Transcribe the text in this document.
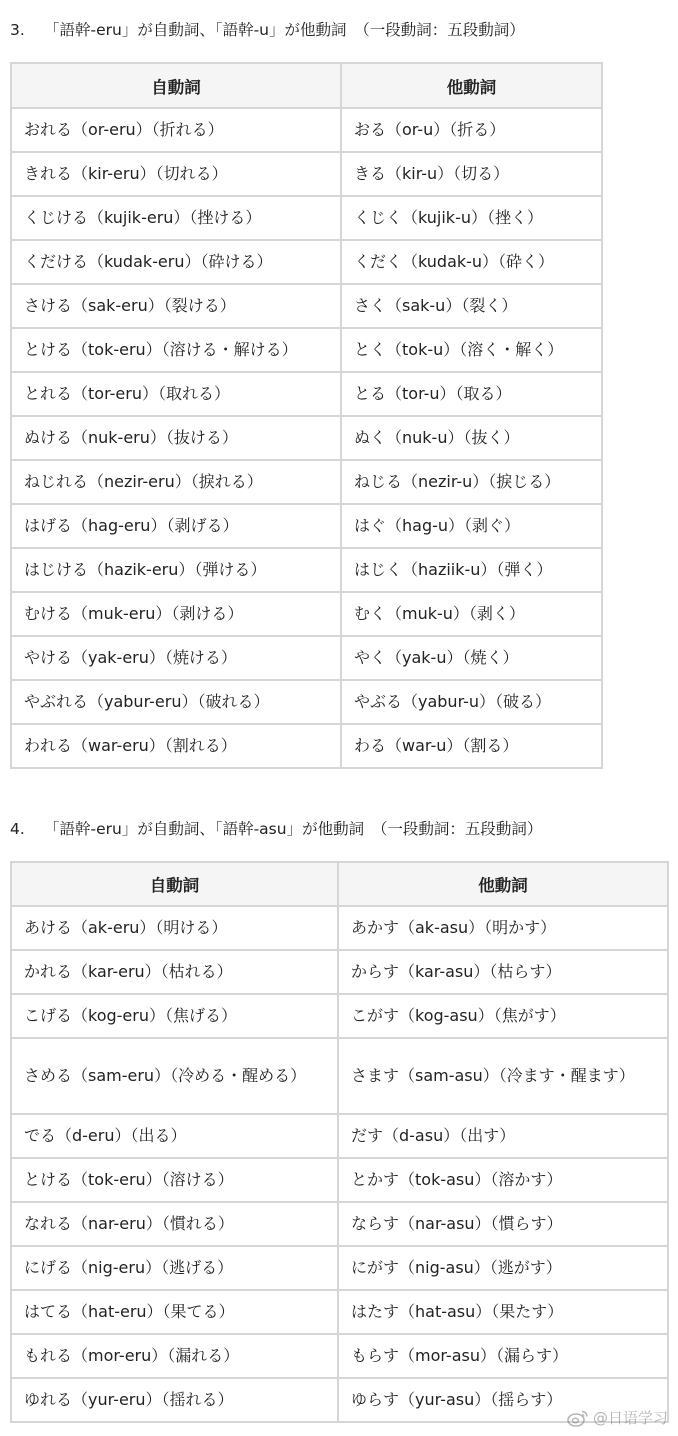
3. 「語幹-eru」が自動詞、「語幹-u」が他動詞　（一段動詞：五段動詞）
自動詞	他動詞
おれる（or-eru）（折れる）	おる（or-u）（折る）
きれる（kir-eru）（切れる）	きる（kir-u）（切る）
くじける（kujik-eru）（挫ける）	くじく（kujik-u）（挫く）
くだける（kudak-eru）（砕ける）	くだく（kudak-u）（砕く）
さける（sak-eru）（裂ける）	さく（sak-u）（裂く）
とける（tok-eru）（溶ける・解ける）	とく（tok-u）（溶く・解く）
とれる（tor-eru）（取れる）	とる（tor-u）（取る）
ぬける（nuk-eru）（抜ける）	ぬく（nuk-u）（抜く）
ねじれる（nezir-eru）（捩れる）	ねじる（nezir-u）（捩じる）
はげる（hag-eru）（剥げる）	はぐ（hag-u）（剥ぐ）
はじける（hazik-eru）（弾ける）	はじく（haziik-u）（弾く）
むける（muk-eru）（剥ける）	むく（muk-u）（剥く）
やける（yak-eru）（焼ける）	やく（yak-u）（焼く）
やぶれる（yabur-eru）（破れる）	やぶる（yabur-u）（破る）
われる（war-eru）（割れる）	わる（war-u）（割る）
4. 「語幹-eru」が自動詞、「語幹-asu」が他動詞　（一段動詞：五段動詞）
自動詞	他動詞
あける（ak-eru）（明ける）	あかす（ak-asu）（明かす）
かれる（kar-eru）（枯れる）	からす（kar-asu）（枯らす）
こげる（kog-eru）（焦げる）	こがす（kog-asu）（焦がす）
さめる（sam-eru）（冷める・醒める）	さます（sam-asu）（冷ます・醒ます）
でる（d-eru）（出る）	だす（d-asu）（出す）
とける（tok-eru）（溶ける）	とかす（tok-asu）（溶かす）
なれる（nar-eru）（慣れる）	ならす（nar-asu）（慣らす）
にげる（nig-eru）（逃げる）	にがす（nig-asu）（逃がす）
はてる（hat-eru）（果てる）	はたす（hat-asu）（果たす）
もれる（mor-eru）（漏れる）	もらす（mor-asu）（漏らす）
ゆれる（yur-eru）（揺れる）	ゆらす（yur-asu）（揺らす）
@日语学习
